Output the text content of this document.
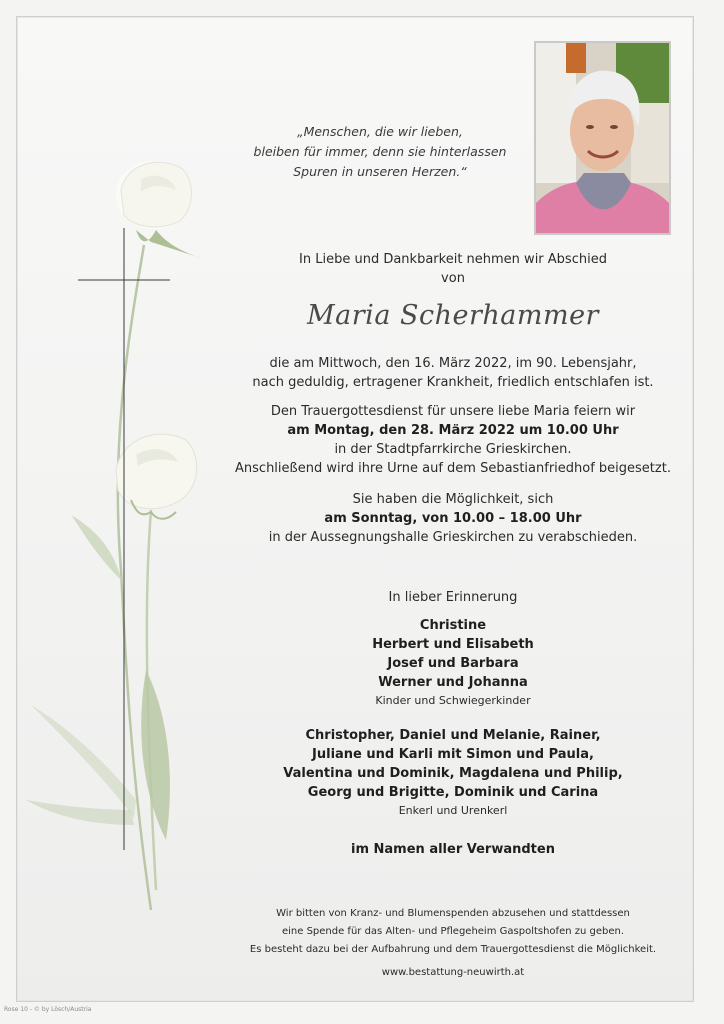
„Menschen, die wir lieben,
bleiben für immer, denn sie hinterlassen
Spuren in unseren Herzen.“
In Liebe und Dankbarkeit nehmen wir Abschied
von
Maria Scherhammer
die am Mittwoch, den 16. März 2022, im 90. Lebensjahr,
nach geduldig, ertragener Krankheit, friedlich entschlafen ist.
Den Trauergottesdienst für unsere liebe Maria feiern wir
am Montag, den 28. März 2022 um 10.00 Uhr
in der Stadtpfarrkirche Grieskirchen.
Anschließend wird ihre Urne auf dem Sebastianfriedhof beigesetzt.
Sie haben die Möglichkeit, sich
am Sonntag, von 10.00 – 18.00 Uhr
in der Aussegnungshalle Grieskirchen zu verabschieden.
In lieber Erinnerung
Christine
Herbert und Elisabeth
Josef und Barbara
Werner und Johanna
Kinder und Schwiegerkinder
Christopher, Daniel und Melanie, Rainer,
Juliane und Karli mit Simon und Paula,
Valentina und Dominik, Magdalena und Philip,
Georg und Brigitte, Dominik und Carina
Enkerl und Urenkerl
im Namen aller Verwandten
Wir bitten von Kranz- und Blumenspenden abzusehen und stattdessen
eine Spende für das Alten- und Pflegeheim Gaspoltshofen zu geben.
Es besteht dazu bei der Aufbahrung und dem Trauergottesdienst die Möglichkeit.
www.bestattung-neuwirth.at
Rose 10 - © by Lösch/Austria
